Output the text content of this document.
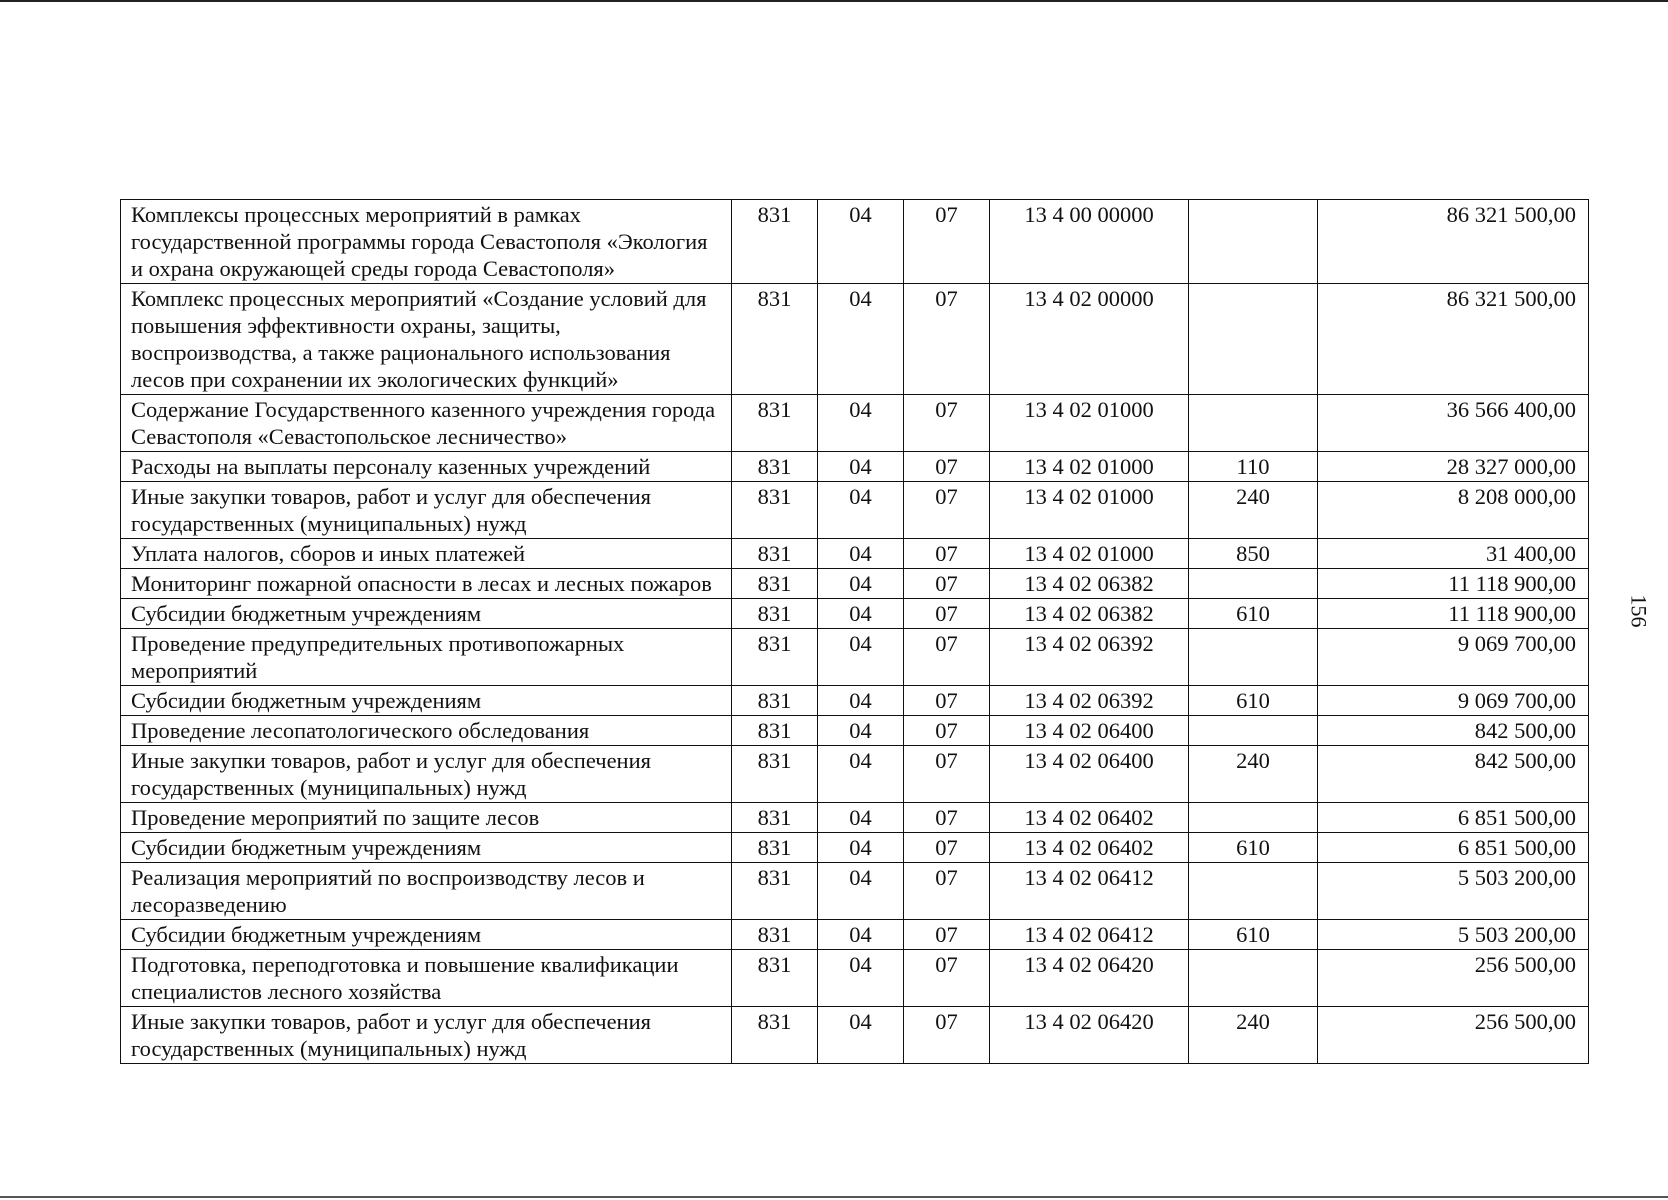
Комплексы процессных мероприятий в рамках государственной программы города Севастополя «Экология и охрана окружающей среды города Севастополя»	831	04	07	13 4 00 00000		86 321 500,00
Комплекс процессных мероприятий «Создание условий для повышения эффективности охраны, защиты, воспроизводства, а также рационального использования лесов при сохранении их экологических функций»	831	04	07	13 4 02 00000		86 321 500,00
Содержание Государственного казенного учреждения города Севастополя «Севастопольское лесничество»	831	04	07	13 4 02 01000		36 566 400,00
Расходы на выплаты персоналу казенных учреждений	831	04	07	13 4 02 01000	110	28 327 000,00
Иные закупки товаров, работ и услуг для обеспечения государственных (муниципальных) нужд	831	04	07	13 4 02 01000	240	8 208 000,00
Уплата налогов, сборов и иных платежей	831	04	07	13 4 02 01000	850	31 400,00
Мониторинг пожарной опасности в лесах и лесных пожаров	831	04	07	13 4 02 06382		11 118 900,00
Субсидии бюджетным учреждениям	831	04	07	13 4 02 06382	610	11 118 900,00
Проведение предупредительных противопожарных мероприятий	831	04	07	13 4 02 06392		9 069 700,00
Субсидии бюджетным учреждениям	831	04	07	13 4 02 06392	610	9 069 700,00
Проведение лесопатологического обследования	831	04	07	13 4 02 06400		842 500,00
Иные закупки товаров, работ и услуг для обеспечения государственных (муниципальных) нужд	831	04	07	13 4 02 06400	240	842 500,00
Проведение мероприятий по защите лесов	831	04	07	13 4 02 06402		6 851 500,00
Субсидии бюджетным учреждениям	831	04	07	13 4 02 06402	610	6 851 500,00
Реализация мероприятий по воспроизводству лесов и лесоразведению	831	04	07	13 4 02 06412		5 503 200,00
Субсидии бюджетным учреждениям	831	04	07	13 4 02 06412	610	5 503 200,00
Подготовка, переподготовка и повышение квалификации специалистов лесного хозяйства	831	04	07	13 4 02 06420		256 500,00
Иные закупки товаров, работ и услуг для обеспечения государственных (муниципальных) нужд	831	04	07	13 4 02 06420	240	256 500,00
156
